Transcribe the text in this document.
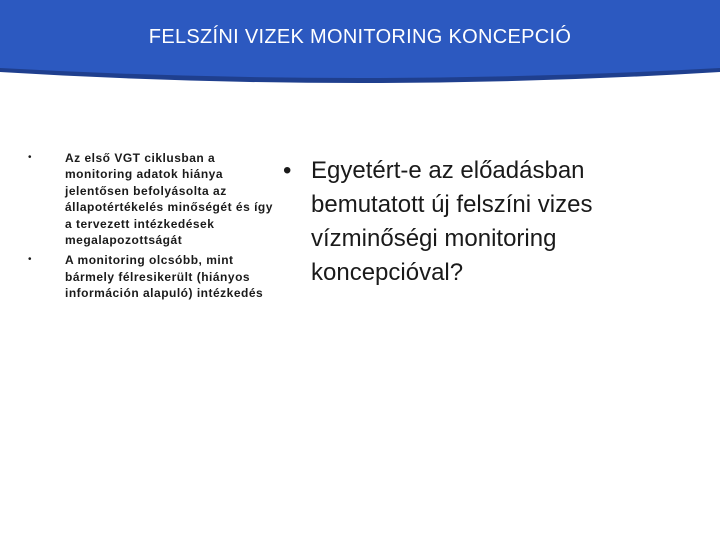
FELSZÍNI VIZEK MONITORING KONCEPCIÓ
•	Az első VGT ciklusban a monitoring adatok hiánya jelentősen befolyásolta az állapotértékelés minőségét és így a tervezett intézkedések megalapozottságát
•	A monitoring olcsóbb, mint bármely félresikerült (hiányos információn alapuló) intézkedés
• Egyetért-e az előadásban bemutatott új felszíni vizes vízminőségi monitoring koncepcióval?
